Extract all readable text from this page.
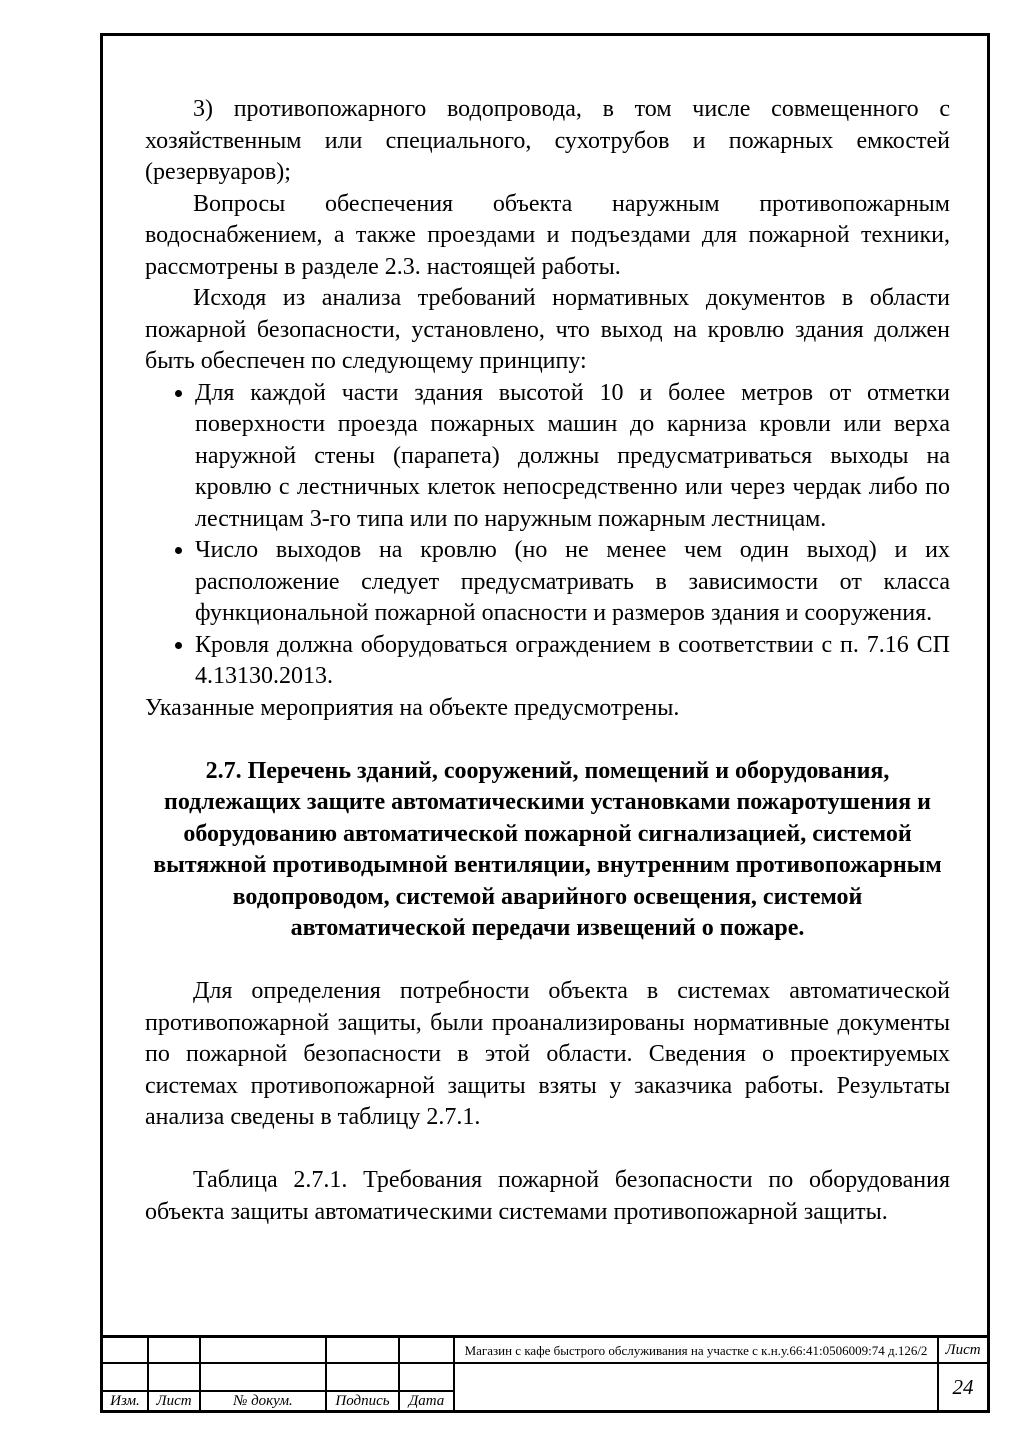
3) противопожарного водопровода, в том числе совмещенного с хозяйственным или специального, сухотрубов и пожарных емкостей (резервуаров);

Вопросы обеспечения объекта наружным противопожарным водоснабжением, а также проездами и подъездами для пожарной техники, рассмотрены в разделе 2.3. настоящей работы.

Исходя из анализа требований нормативных документов в области пожарной безопасности, установлено, что выход на кровлю здания должен быть обеспечен по следующему принципу:

• Для каждой части здания высотой 10 и более метров от отметки поверхности проезда пожарных машин до карниза кровли или верха наружной стены (парапета) должны предусматриваться выходы на кровлю с лестничных клеток непосредственно или через чердак либо по лестницам 3-го типа или по наружным пожарным лестницам.
• Число выходов на кровлю (но не менее чем один выход) и их расположение следует предусматривать в зависимости от класса функциональной пожарной опасности и размеров здания и сооружения.
• Кровля должна оборудоваться ограждением в соответствии с п. 7.16 СП 4.13130.2013.

Указанные мероприятия на объекте предусмотрены.

2.7. Перечень зданий, сооружений, помещений и оборудования, подлежащих защите автоматическими установками пожаротушения и оборудованию автоматической пожарной сигнализацией, системой вытяжной противодымной вентиляции, внутренним противопожарным водопроводом, системой аварийного освещения, системой автоматической передачи извещений о пожаре.

Для определения потребности объекта в системах автоматической противопожарной защиты, были проанализированы нормативные документы по пожарной безопасности в этой области. Сведения о проектируемых системах противопожарной защиты взяты у заказчика работы. Результаты анализа сведены в таблицу 2.7.1.

Таблица 2.7.1. Требования пожарной безопасности по оборудования объекта защиты автоматическими системами противопожарной защиты.

Магазин с кафе быстрого обслуживания на участке с к.н.у.66:41:0506009:74 д.126/2	Лист
24
Изм.	Лист	№ докум.	Подпись	Дата
